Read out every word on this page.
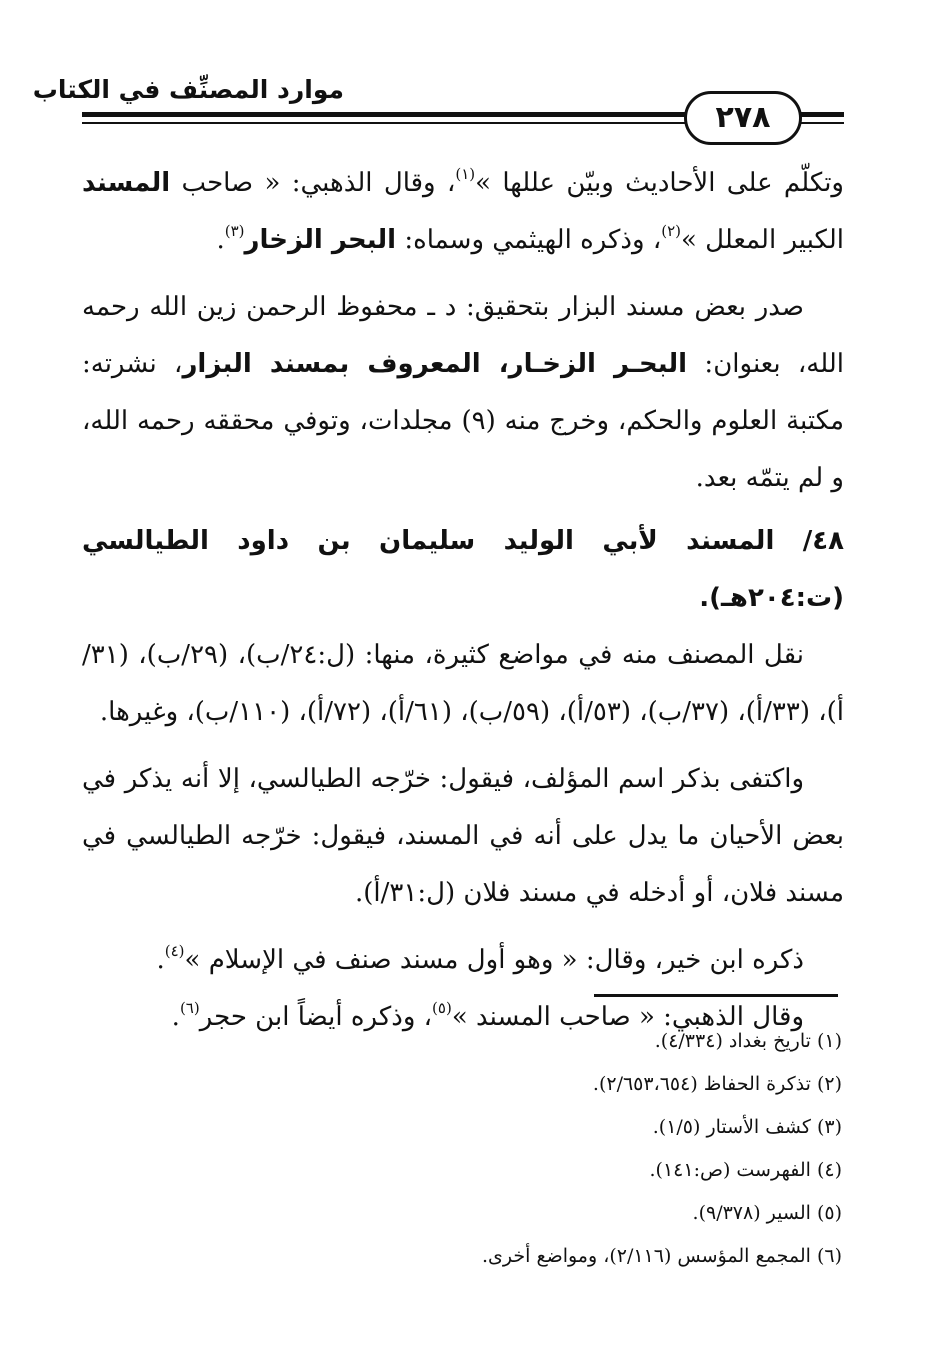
موارد المصنِّف في الكتاب
٢٧٨

وتكلّم على الأحاديث وبيّن عللها »$^{(١)}$، وقال الذهبي: « صاحب المسند الكبير المعلل »$^{(٢)}$، وذكره الهيثمي وسماه: البحر الزخار$^{(٣)}$.

صدر بعض مسند البزار بتحقيق: د ـ محفوظ الرحمن زين الله رحمه الله، بعنوان: البحـر الزخـار، المعروف بمسند البزار، نشرته: مكتبة العلوم والحكم، وخرج منه (٩) مجلدات، وتوفي محققه رحمه الله، و لم يتمّه بعد.

٤٨/ المسند لأبي الوليد سليمان بن داود الطيالسي (ت:٢٠٤هـ).

نقل المصنف منه في مواضع كثيرة، منها: (ل:٢٤/ب)، (٢٩/ب)، (٣١/أ)، (٣٣/أ)، (٣٧/ب)، (٥٣/أ)، (٥٩/ب)، (٦١/أ)، (٧٢/أ)، (١١٠/ب)، وغيرها.

واكتفى بذكر اسم المؤلف، فيقول: خرّجه الطيالسي، إلا أنه يذكر في بعض الأحيان ما يدل على أنه في المسند، فيقول: خرّجه الطيالسي في مسند فلان، أو أدخله في مسند فلان (ل:٣١/أ).

ذكره ابن خير، وقال: « وهو أول مسند صنف في الإسلام »$^{(٤)}$.

وقال الذهبي: « صاحب المسند »$^{(٥)}$، وذكره أيضاً ابن حجر$^{(٦)}$.

(١) تاريخ بغداد (٤/٣٣٤).
(٢) تذكرة الحفاظ (٢/٦٥٣،٦٥٤).
(٣) كشف الأستار (١/٥).
(٤) الفهرست (ص:١٤١).
(٥) السير (٩/٣٧٨).
(٦) المجمع المؤسس (٢/١١٦)، ومواضع أخرى.
